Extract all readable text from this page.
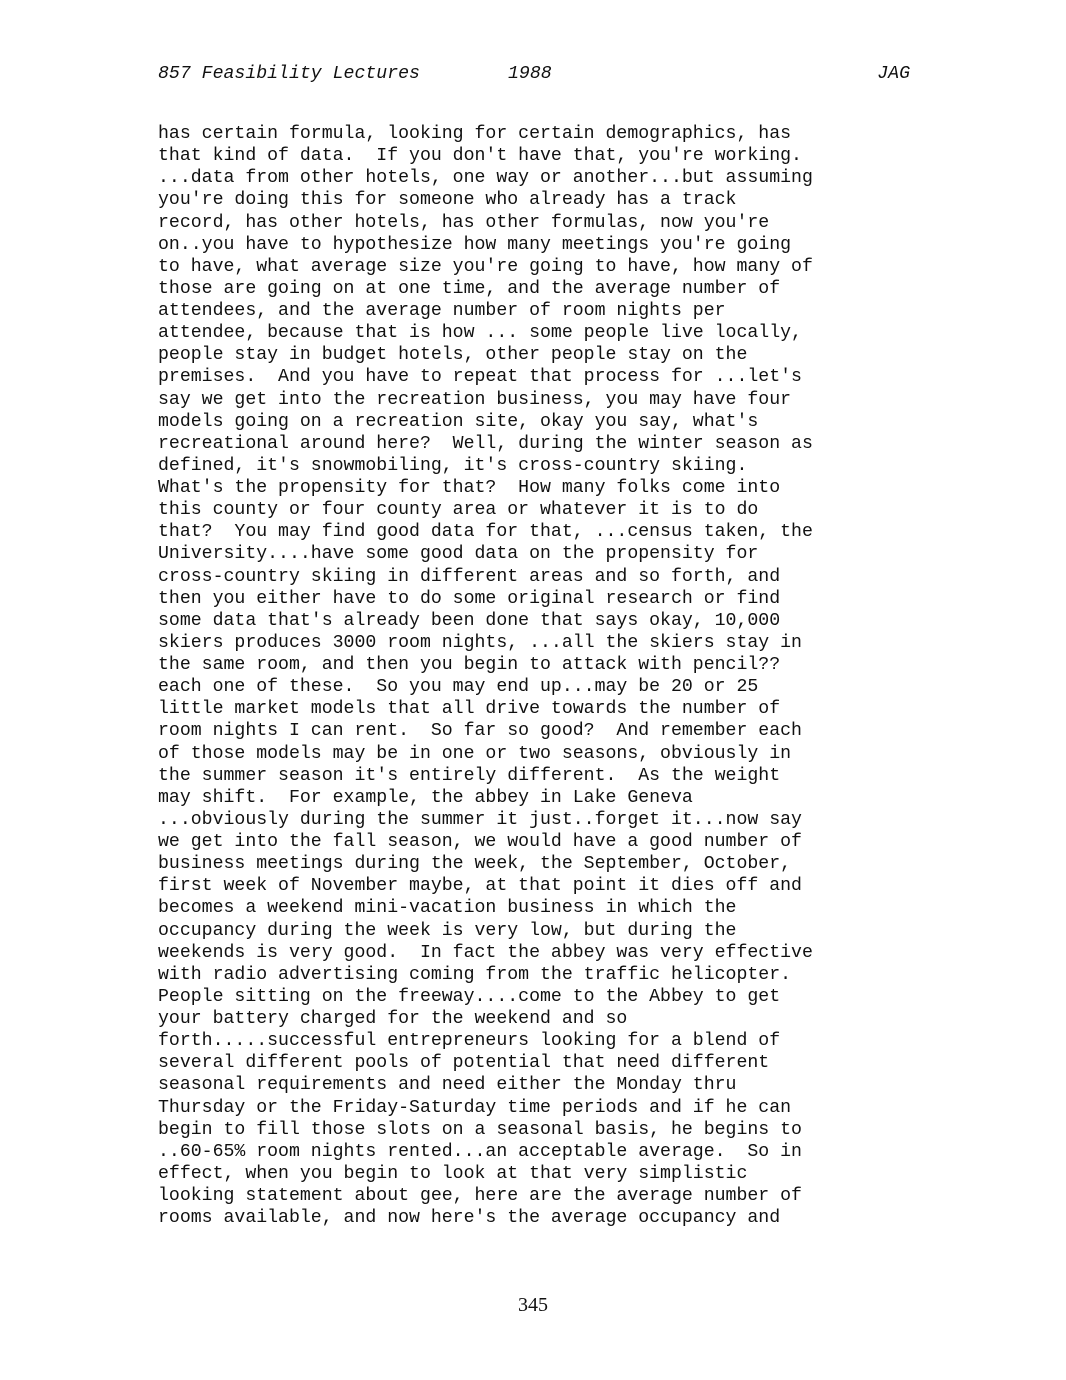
857 Feasibility Lectures

	1988

	JAG

has certain formula, looking for certain demographics, has
that kind of data.  If you don't have that, you're working.
...data from other hotels, one way or another...but assuming
you're doing this for someone who already has a track
record, has other hotels, has other formulas, now you're
on..you have to hypothesize how many meetings you're going
to have, what average size you're going to have, how many of
those are going on at one time, and the average number of
attendees, and the average number of room nights per
attendee, because that is how ... some people live locally,
people stay in budget hotels, other people stay on the
premises.  And you have to repeat that process for ...let's
say we get into the recreation business, you may have four
models going on a recreation site, okay you say, what's
recreational around here?  Well, during the winter season as
defined, it's snowmobiling, it's cross-country skiing.
What's the propensity for that?  How many folks come into
this county or four county area or whatever it is to do
that?  You may find good data for that, ...census taken, the
University....have some good data on the propensity for
cross-country skiing in different areas and so forth, and
then you either have to do some original research or find
some data that's already been done that says okay, 10,000
skiers produces 3000 room nights, ...all the skiers stay in
the same room, and then you begin to attack with pencil??
each one of these.  So you may end up...may be 20 or 25
little market models that all drive towards the number of
room nights I can rent.  So far so good?  And remember each
of those models may be in one or two seasons, obviously in
the summer season it's entirely different.  As the weight
may shift.  For example, the abbey in Lake Geneva
...obviously during the summer it just..forget it...now say
we get into the fall season, we would have a good number of
business meetings during the week, the September, October,
first week of November maybe, at that point it dies off and
becomes a weekend mini-vacation business in which the
occupancy during the week is very low, but during the
weekends is very good.  In fact the abbey was very effective
with radio advertising coming from the traffic helicopter.
People sitting on the freeway....come to the Abbey to get
your battery charged for the weekend and so
forth.....successful entrepreneurs looking for a blend of
several different pools of potential that need different
seasonal requirements and need either the Monday thru
Thursday or the Friday-Saturday time periods and if he can
begin to fill those slots on a seasonal basis, he begins to
..60-65% room nights rented...an acceptable average.  So in
effect, when you begin to look at that very simplistic
looking statement about gee, here are the average number of
rooms available, and now here's the average occupancy and
345
